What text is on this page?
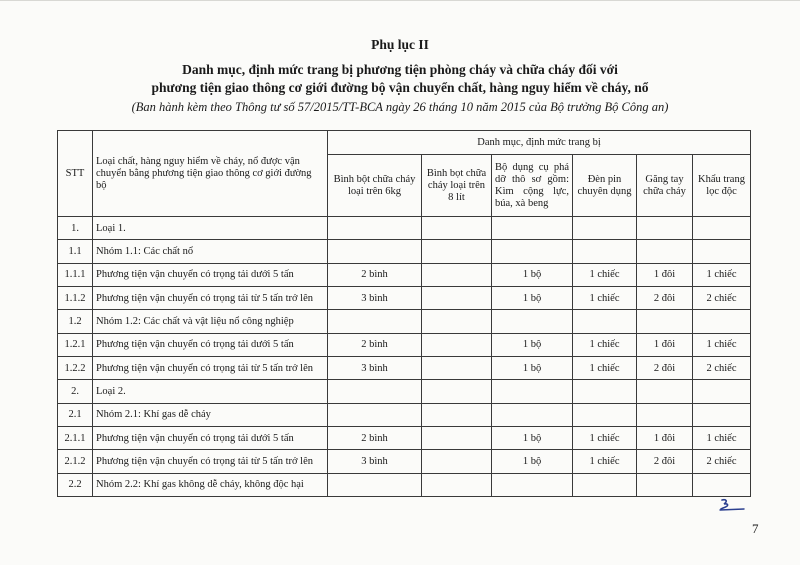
Phụ lục II
Danh mục, định mức trang bị phương tiện phòng cháy và chữa cháy đối với
phương tiện giao thông cơ giới đường bộ vận chuyển chất, hàng nguy hiểm về cháy, nổ
(Ban hành kèm theo Thông tư số 57/2015/TT-BCA ngày 26 tháng 10 năm 2015 của Bộ trưởng Bộ Công an)
STT	Loại chất, hàng nguy hiểm về cháy, nổ được vận chuyển bằng phương tiện giao thông cơ giới đường bộ	Danh mục, định mức trang bị					
		Bình bột chữa cháy loại trên 6kg	Bình bọt chữa cháy loại trên 8 lít	Bộ dụng cụ phá dỡ thô sơ gồm: Kìm cộng lực, búa, xà beng	Đèn pin chuyên dụng	Găng tay chữa cháy	Khẩu trang lọc độc
1.	Loại 1.						
1.1	Nhóm 1.1: Các chất nổ						
1.1.1	Phương tiện vận chuyển có trọng tải dưới 5 tấn	2 bình		1 bộ	1 chiếc	1 đôi	1 chiếc
1.1.2	Phương tiện vận chuyển có trọng tải từ 5 tấn trở lên	3 bình		1 bộ	1 chiếc	2 đôi	2 chiếc
1.2	Nhóm 1.2: Các chất và vật liệu nổ công nghiệp						
1.2.1	Phương tiện vận chuyển có trọng tải dưới 5 tấn	2 bình		1 bộ	1 chiếc	1 đôi	1 chiếc
1.2.2	Phương tiện vận chuyển có trọng tải từ 5 tấn trở lên	3 bình		1 bộ	1 chiếc	2 đôi	2 chiếc
2.	Loại 2.						
2.1	Nhóm 2.1: Khí gas dễ cháy						
2.1.1	Phương tiện vận chuyển có trọng tải dưới 5 tấn	2 bình		1 bộ	1 chiếc	1 đôi	1 chiếc
2.1.2	Phương tiện vận chuyển có trọng tải từ 5 tấn trở lên	3 bình		1 bộ	1 chiếc	2 đôi	2 chiếc
2.2	Nhóm 2.2: Khí gas không dễ cháy, không độc hại						
7
